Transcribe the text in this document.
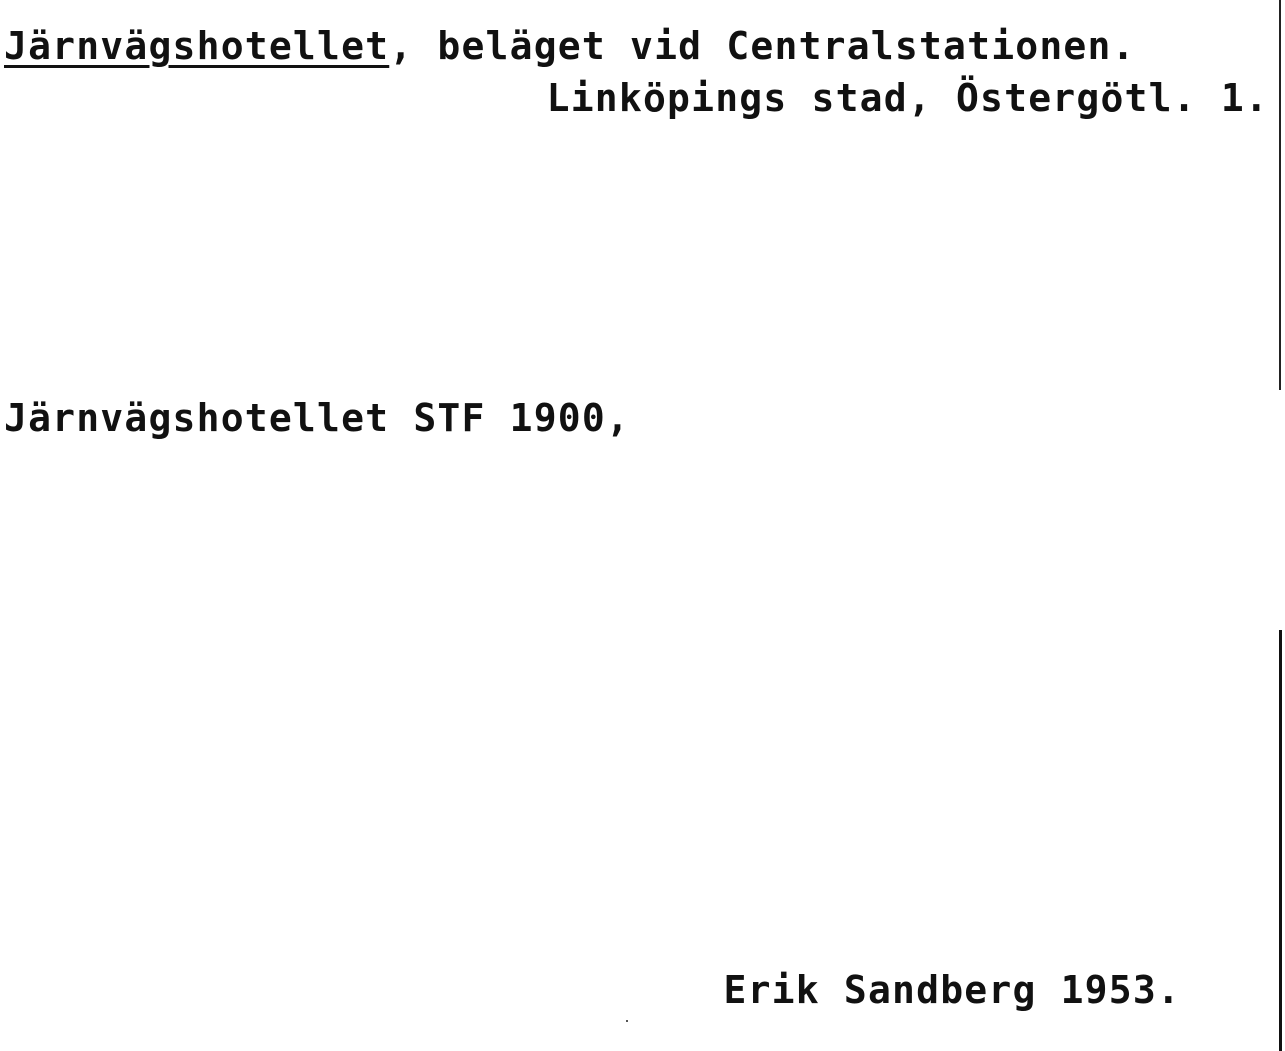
Järnvägshotellet, beläget vid Centralstationen.
Linköpings stad, Östergötl. 1.
Järnvägshotellet STF 1900,
Erik Sandberg 1953.
